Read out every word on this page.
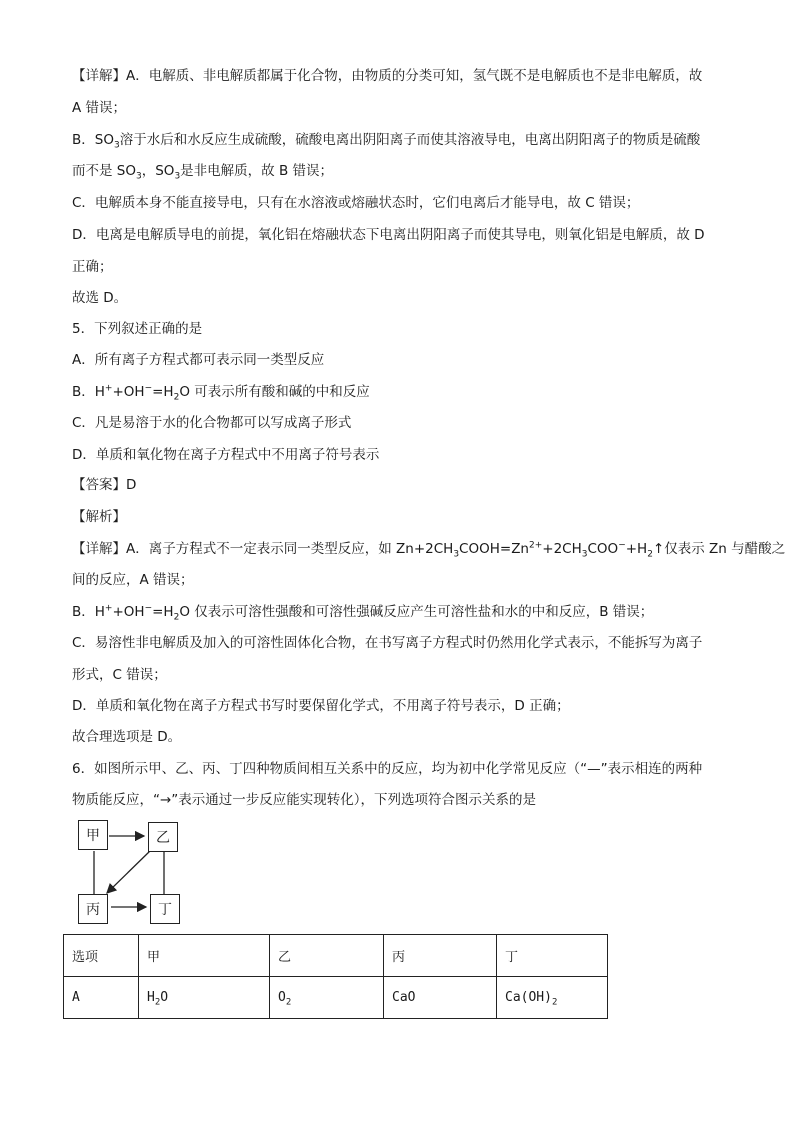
【详解】A．电解质、非电解质都属于化合物，由物质的分类可知，氢气既不是电解质也不是非电解质，故
A 错误；
B．$SO_3$溶于水后和水反应生成硫酸，硫酸电离出阴阳离子而使其溶液导电，电离出阴阳离子的物质是硫酸
而不是 $SO_3$，$SO_3$是非电解质，故 B 错误；
C．电解质本身不能直接导电，只有在水溶液或熔融状态时，它们电离后才能导电，故 C 错误；
D．电离是电解质导电的前提，氧化铝在熔融状态下电离出阴阳离子而使其导电，则氧化铝是电解质，故 D
正确；
故选 D。
5．下列叙述正确的是
A．所有离子方程式都可表示同一类型反应
B．$H^++OH^-=H_2O$ 可表示所有酸和碱的中和反应
C．凡是易溶于水的化合物都可以写成离子形式
D．单质和氧化物在离子方程式中不用离子符号表示
【答案】D
【解析】
【详解】A．离子方程式不一定表示同一类型反应，如 $Zn+2CH_3COOH=Zn^{2+}+2CH_3COO^-+H_2↑$仅表示 Zn 与醋酸之
间的反应，A 错误；
B．$H^++OH^-=H_2O$ 仅表示可溶性强酸和可溶性强碱反应产生可溶性盐和水的中和反应，B 错误；
C．易溶性非电解质及加入的可溶性固体化合物，在书写离子方程式时仍然用化学式表示，不能拆写为离子
形式，C 错误；
D．单质和氧化物在离子方程式书写时要保留化学式，不用离子符号表示，D 正确；
故合理选项是 D。
6．如图所示甲、乙、丙、丁四种物质间相互关系中的反应，均为初中化学常见反应（“—”表示相连的两种
物质能反应，“→”表示通过一步反应能实现转化），下列选项符合图示关系的是
甲	乙
丙	丁
选项	甲	乙	丙	丁
A	$H_2O$	$O_2$	CaO	$Ca(OH)_2$
